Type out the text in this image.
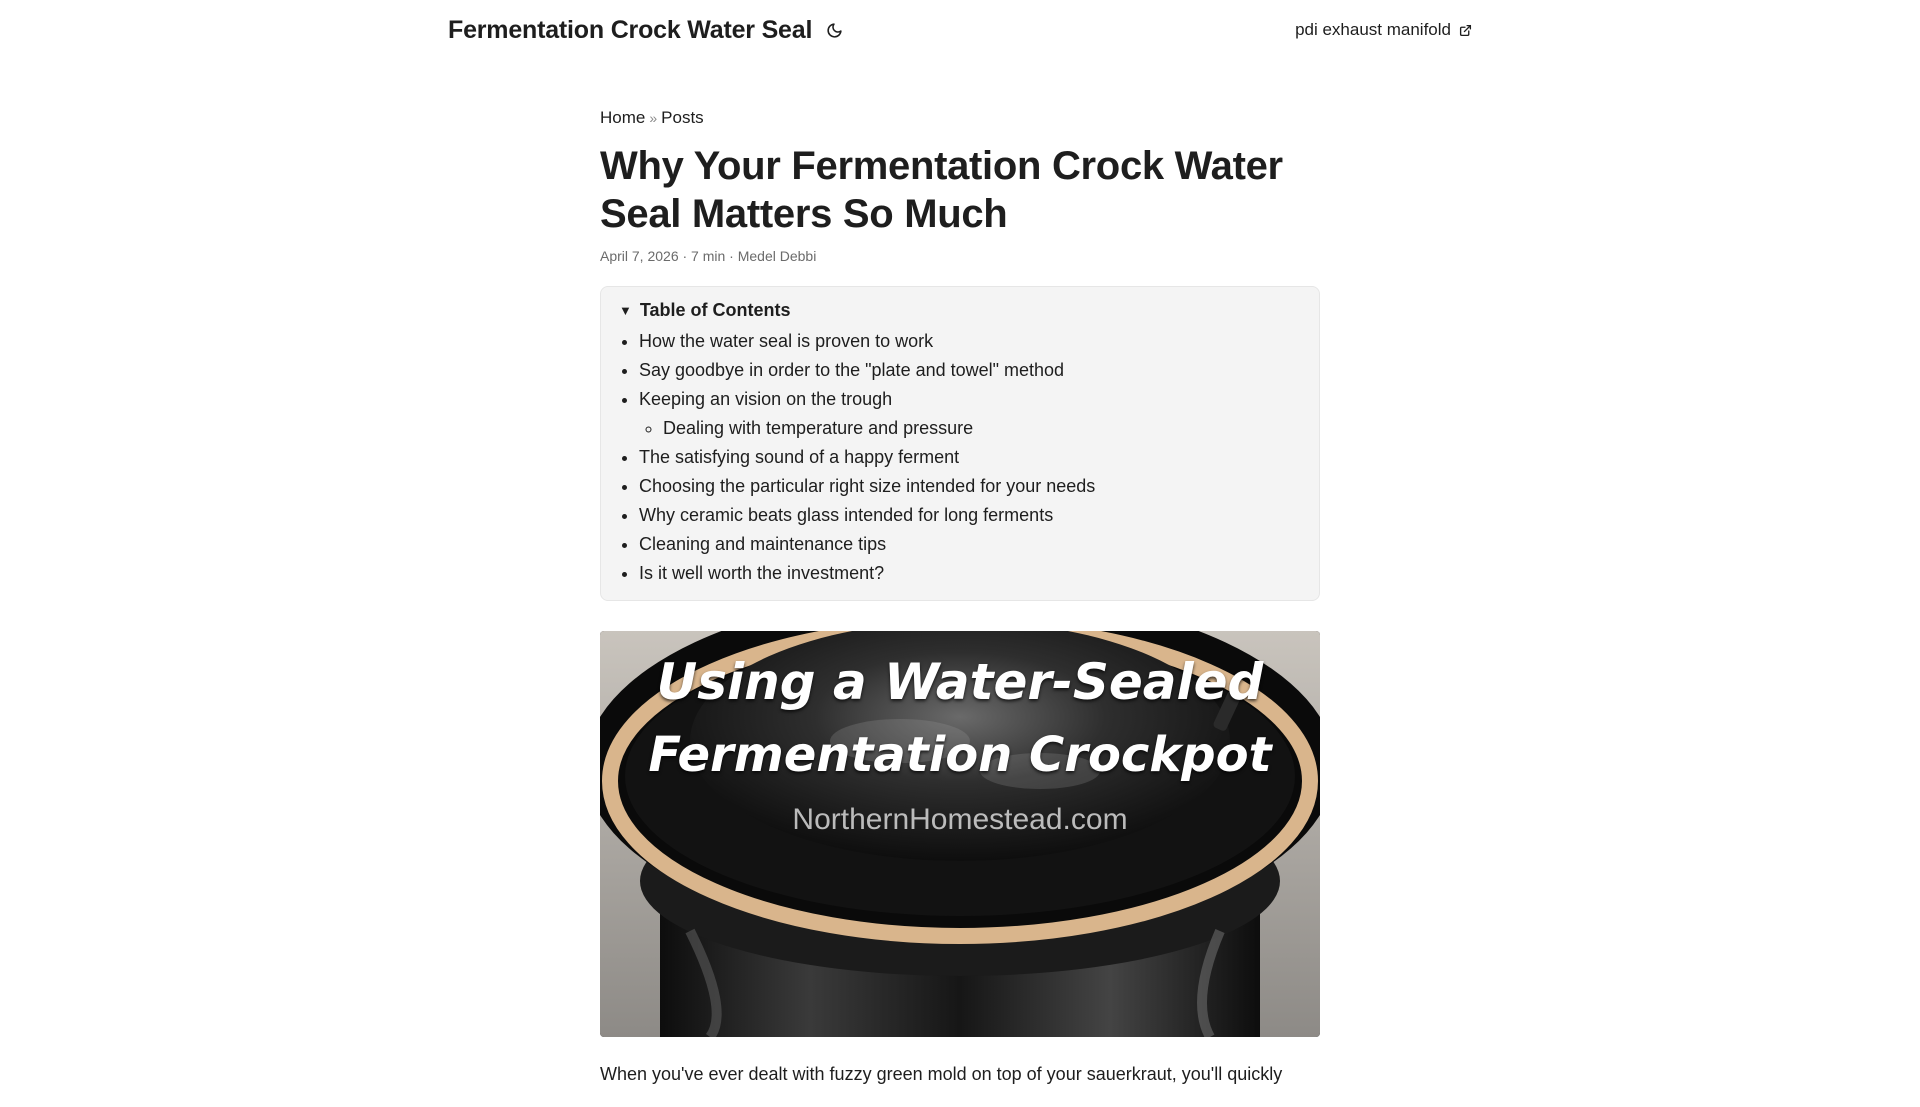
Fermentation Crock Water Seal	pdi exhaust manifold
Home » Posts
Why Your Fermentation Crock Water Seal Matters So Much
April 7, 2026 · 7 min · Medel Debbi
▼ Table of Contents
• How the water seal is proven to work
• Say goodbye in order to the "plate and towel" method
• Keeping an vision on the trough
◦ Dealing with temperature and pressure
• The satisfying sound of a happy ferment
• Choosing the particular right size intended for your needs
• Why ceramic beats glass intended for long ferments
• Cleaning and maintenance tips
• Is it well worth the investment?
Using a Water-Sealed
Fermentation Crockpot
NorthernHomestead.com

When you've ever dealt with fuzzy green mold on top of your sauerkraut, you'll quickly
